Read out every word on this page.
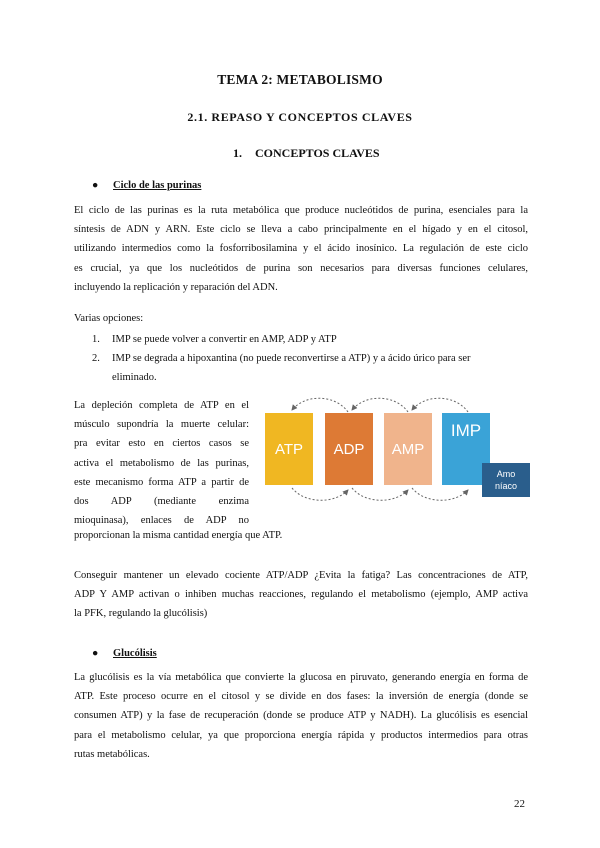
TEMA 2: METABOLISMO
2.1. REPASO Y CONCEPTOS CLAVES
1. CONCEPTOS CLAVES
● Ciclo de las purinas
El ciclo de las purinas es la ruta metabólica que produce nucleótidos de purina, esenciales para la
síntesis de ADN y ARN. Este ciclo se lleva a cabo principalmente en el hígado y en el citosol,
utilizando intermedios como la fosforribosilamina y el ácido inosínico. La regulación de este ciclo
es crucial, ya que los nucleótidos de purina son necesarios para diversas funciones celulares,
incluyendo la replicación y reparación del ADN.
Varias opciones:
1. IMP se puede volver a convertir en AMP, ADP y ATP
2. IMP se degrada a hipoxantina (no puede reconvertirse a ATP) y a ácido úrico para ser
eliminado.
La depleción completa de ATP en el
músculo supondría la muerte celular:
pra evitar esto en ciertos casos se
activa el metabolismo de las purinas,
este mecanismo forma ATP a partir de
dos ADP (mediante enzima
mioquinasa), enlaces de ADP no
proporcionan la misma cantidad energía que ATP.
ATP	ADP	AMP
IMP
Amo
níaco
Conseguir mantener un elevado cociente ATP/ADP ¿Evita la fatiga? Las concentraciones de ATP,
ADP Y AMP activan o inhiben muchas reacciones, regulando el metabolismo (ejemplo, AMP activa
la PFK, regulando la glucólisis)
● Glucólisis
La glucólisis es la vía metabólica que convierte la glucosa en piruvato, generando energía en forma de
ATP. Este proceso ocurre en el citosol y se divide en dos fases: la inversión de energía (donde se
consumen ATP) y la fase de recuperación (donde se produce ATP y NADH). La glucólisis es esencial
para el metabolismo celular, ya que proporciona energía rápida y productos intermedios para otras
rutas metabólicas.
22
